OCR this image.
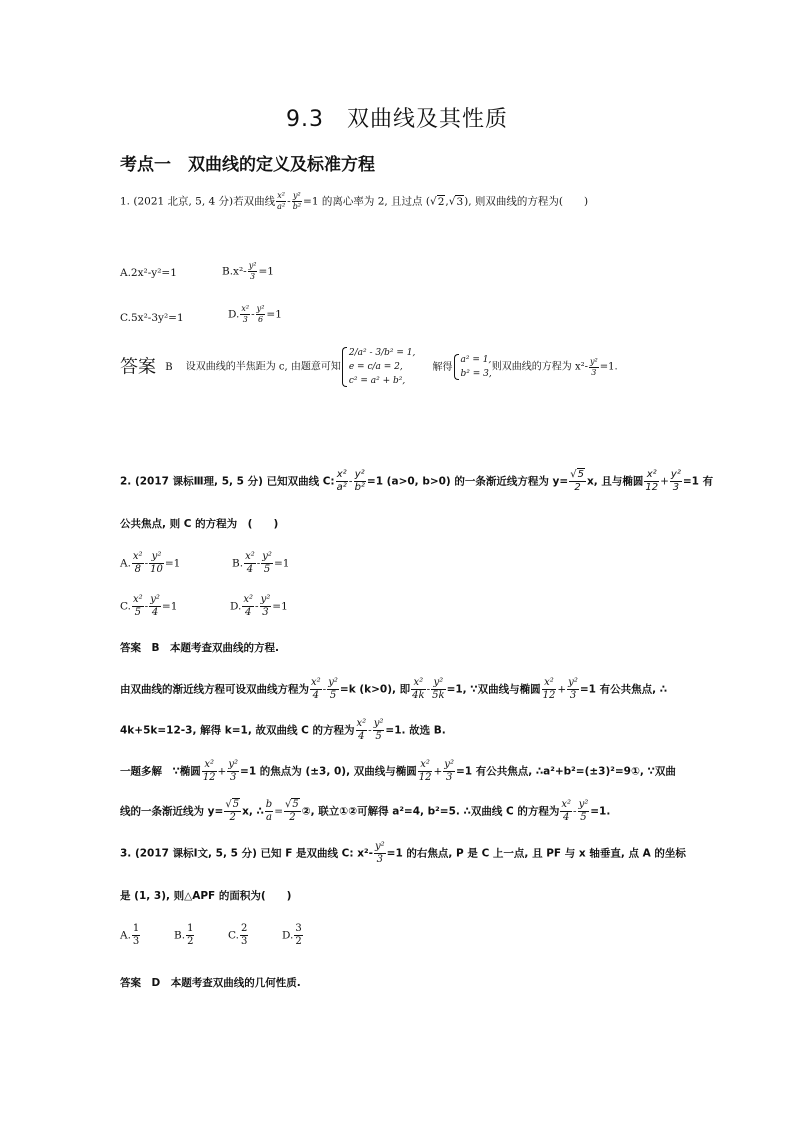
9.3　双曲线及其性质
考点一　双曲线的定义及标准方程
1. (2021 北京, 5, 4 分)若双曲线 $\frac{\text{x²}}{\text{a²}} - \frac{\text{y²}}{\text{b²}} =1$ 的离心率为 2, 且过点 (√2,√3), 则双曲线的方程为(　　)
A.2x²-y²=1	$B.x^2- \frac{\text{y²}}{3} =1$
C.5x²-3y²=1	D. $\frac{\text{x²}}{3} - \frac{\text{y²}}{6} =1$
答案 B 设双曲线的半焦距为 c, 由题意可知
2/a² - 3/b² = 1,
e = c/a = 2,
c² = a² + b²,
解得
a² = 1,
b² = 3,
则双曲线的方程为 $x^2- \frac{\text{y²}}{3} =1$.
2. (2017 课标Ⅲ理, 5, 5 分) 已知双曲线 C: $\frac{\text{x²}}{\text{a²}} - \frac{\text{y²}}{\text{b²}} =1$ (a>0, b>0) 的一条渐近线方程为 $y= \frac{√5}{2} x$, 且与椭圆 $\frac{\text{x²}}{12} + \frac{\text{y²}}{3} =1$ 有
公共焦点, 则 C 的方程为　(　　)
A. $\frac{\text{x²}}{8} - \frac{\text{y²}}{10} =1$	B. $\frac{\text{x²}}{4} - \frac{\text{y²}}{5} =1$
C. $\frac{\text{x²}}{5} - \frac{\text{y²}}{4} =1$	D. $\frac{\text{x²}}{4} - \frac{\text{y²}}{3} =1$
答案　B　本题考查双曲线的方程.
由双曲线的渐近线方程可设双曲线方程为 $\frac{\text{x²}}{4} - \frac{\text{y²}}{5} =k$ (k>0), 即 $\frac{\text{x²}}{4k} - \frac{\text{y²}}{5k} =1$, ∵双曲线与椭圆 $\frac{\text{x²}}{12} + \frac{\text{y²}}{3} =1$ 有公共焦点, ∴
4k+5k=12-3, 解得 k=1, 故双曲线 C 的方程为 $\frac{\text{x²}}{4} - \frac{\text{y²}}{5} =1$. 故选 B.
一题多解　∵椭圆 $\frac{\text{x²}}{12} + \frac{\text{y²}}{3} =1$ 的焦点为 (±3, 0), 双曲线与椭圆 $\frac{\text{x²}}{12} + \frac{\text{y²}}{3} =1$ 有公共焦点, ∴a²+b²=(±3)²=9①, ∵双曲
线的一条渐近线为 $y= \frac{√5}{2} x$, ∴ $\frac{b}{a} = \frac{√5}{2}$ ②, 联立①②可解得 a²=4, b²=5. ∴双曲线 C 的方程为 $\frac{\text{x²}}{4} - \frac{\text{y²}}{5} =1$.
3. (2017 课标Ⅰ文, 5, 5 分) 已知 F 是双曲线 C: $x^2- \frac{\text{y²}}{3} =1$ 的右焦点, P 是 C 上一点, 且 PF 与 x 轴垂直, 点 A 的坐标
是 (1, 3), 则△APF 的面积为(　　)
A. $\frac{1}{3}$	B. $\frac{1}{2}$	C. $\frac{2}{3}$	D. $\frac{3}{2}$
答案　D　本题考查双曲线的几何性质.
